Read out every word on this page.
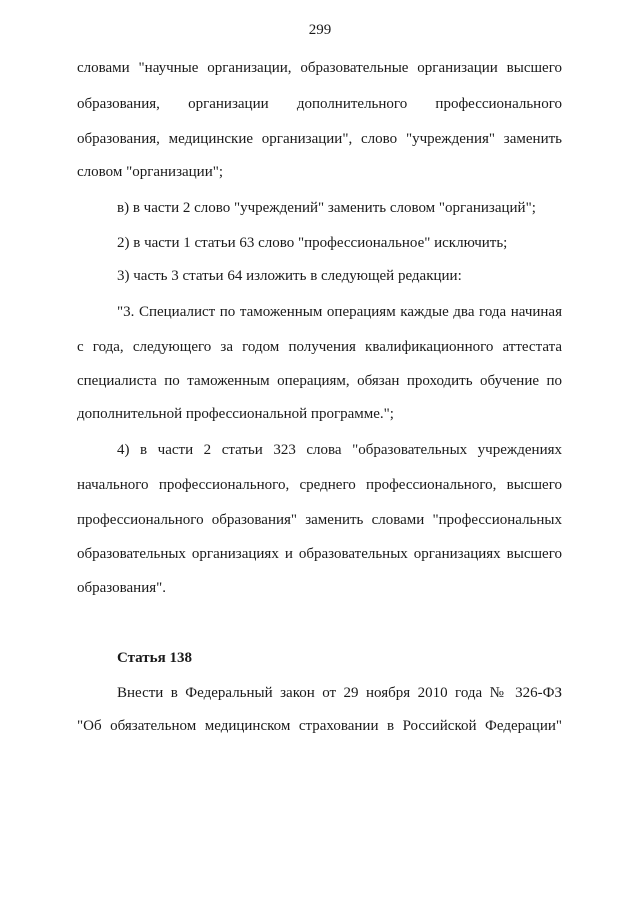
299
словами "научные организации, образовательные организации высшего
образования, организации дополнительного профессионального
образования, медицинские организации", слово "учреждения" заменить
словом "организации";
в) в части 2 слово "учреждений" заменить словом "организаций";
2) в части 1 статьи 63 слово "профессиональное" исключить;
3) часть 3 статьи 64 изложить в следующей редакции:
"3. Специалист по таможенным операциям каждые два года начиная
с года, следующего за годом получения квалификационного аттестата
специалиста по таможенным операциям, обязан проходить обучение по
дополнительной профессиональной программе.";
4) в части 2 статьи 323 слова "образовательных учреждениях
начального профессионального, среднего профессионального, высшего
профессионального образования" заменить словами "профессиональных
образовательных организациях и образовательных организациях высшего
образования".
Статья 138
Внести в Федеральный закон от 29 ноября 2010 года № 326-ФЗ
"Об обязательном медицинском страховании в Российской Федерации"
